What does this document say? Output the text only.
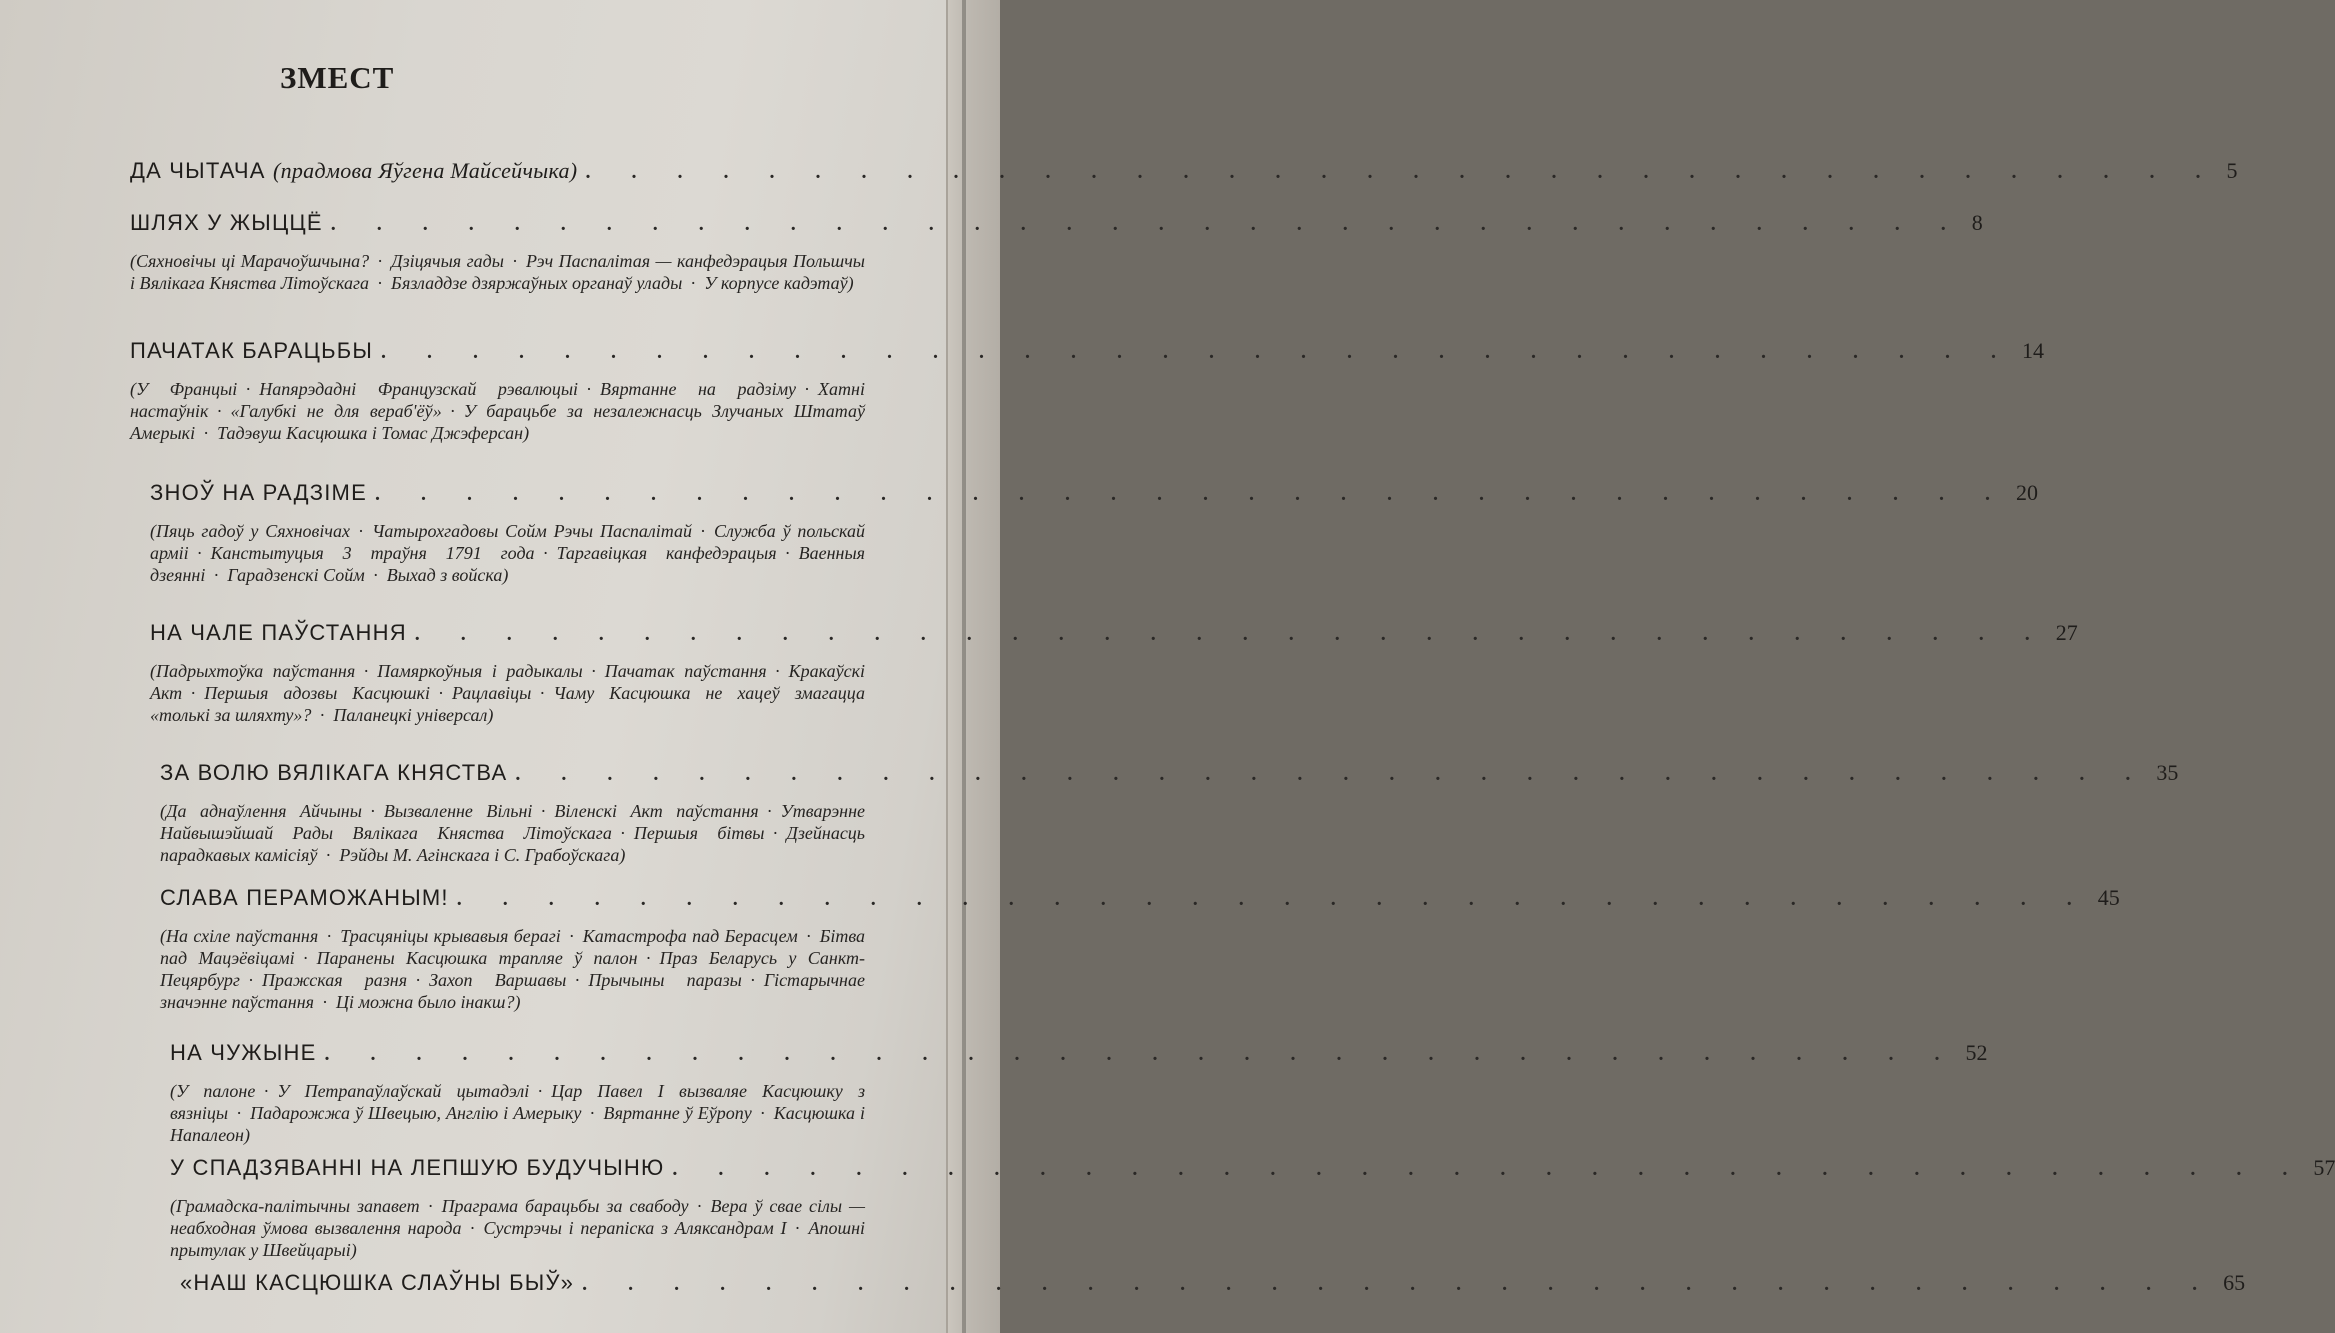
ЗМЕСТ
ДА ЧЫТАЧА (прадмова Яўгена Майсейчыка) . . . . . . . . . . . . . . . . . . . . . . . . . . . . . . . . . . . . 5
ШЛЯХ У ЖЫЦЦЁ . . . . . . . . . . . . . . . . . . . . . . . . . . . . . . . . . . . . 8
(Сяхновічы ці Марачоўшчына? · Дзіцячыя гады · Рэч Паспалітая — канфедэрацыя Польшчы і Вялікага Княства Літоўскага · Бязладдзе дзяржаўных органаў улады · У корпусе кадэтаў)
ПАЧАТАК БАРАЦЬБЫ . . . . . . . . . . . . . . . . . . . . . . . . . . . . . . . . . . . . 14
(У Францыі · Напярэдадні Французскай рэвалюцыі · Вяртанне на радзіму · Хатні настаўнік · «Галубкі не для вераб'ёў» · У барацьбе за незалежнасць Злучаных Штатаў Амерыкі · Тадэвуш Касцюшка і Томас Джэферсан)
ЗНОЎ НА РАДЗІМЕ . . . . . . . . . . . . . . . . . . . . . . . . . . . . . . . . . . . . 20
(Пяць гадоў у Сяхновічах · Чатырохгадовы Сойм Рэчы Паспалітай · Служба ў польскай арміі · Канстытуцыя 3 траўня 1791 года · Таргавіцкая канфедэрацыя · Ваенныя дзеянні · Гарадзенскі Сойм · Выхад з войска)
НА ЧАЛЕ ПАЎСТАННЯ . . . . . . . . . . . . . . . . . . . . . . . . . . . . . . . . . . . . 27
(Падрыхтоўка паўстання · Памяркоўныя і радыкалы · Пачатак паўстання · Кракаўскі Акт · Першыя адозвы Касцюшкі · Рацлавіцы · Чаму Касцюшка не хацеў змагацца «толькі за шляхту»? · Паланецкі універсал)
ЗА ВОЛЮ ВЯЛІКАГА КНЯСТВА . . . . . . . . . . . . . . . . . . . . . . . . . . . . . . . . . . . . 35
(Да аднаўлення Айчыны · Вызваленне Вільні · Віленскі Акт паўстання · Утварэнне Найвышэйшай Рады Вялікага Княства Літоўскага · Першыя бітвы · Дзейнасць парадкавых камісіяў · Рэйды М. Агінскага і С. Грабоўскага)
СЛАВА ПЕРАМОЖАНЫМ! . . . . . . . . . . . . . . . . . . . . . . . . . . . . . . . . . . . . 45
(На схіле паўстання · Трасцяніцы крывавыя берагі · Катастрофа пад Берасцем · Бітва пад Мацэёвіцамі · Паранены Касцюшка трапляе ў палон · Праз Беларусь у Санкт-Пецярбург · Пражская разня · Захоп Варшавы · Прычыны паразы · Гістарычнае значэнне паўстання · Ці можна было інакш?)
НА ЧУЖЫНЕ . . . . . . . . . . . . . . . . . . . . . . . . . . . . . . . . . . . . 52
(У палоне · У Петрапаўлаўскай цытадэлі · Цар Павел І вызваляе Касцюшку з вязніцы · Падарожжа ў Швецыю, Англію і Амерыку · Вяртанне ў Еўропу · Касцюшка і Напалеон)
У СПАДЗЯВАННІ НА ЛЕПШУЮ БУДУЧЫНЮ . . . . . . . . . . . . . . . . . . . . . . . . . . . . . . . . . . . . 57
(Грамадска-палітычны запавет · Праграма барацьбы за свабоду · Вера ў свае сілы — неабходная ўмова вызвалення народа · Сустрэчы і перапіска з Аляксандрам І · Апошні прытулак у Швейцарыі)
«НАШ КАСЦЮШКА СЛАЎНЫ БЫЎ» . . . . . . . . . . . . . . . . . . . . . . . . . . . . . . . . . . . . 65
